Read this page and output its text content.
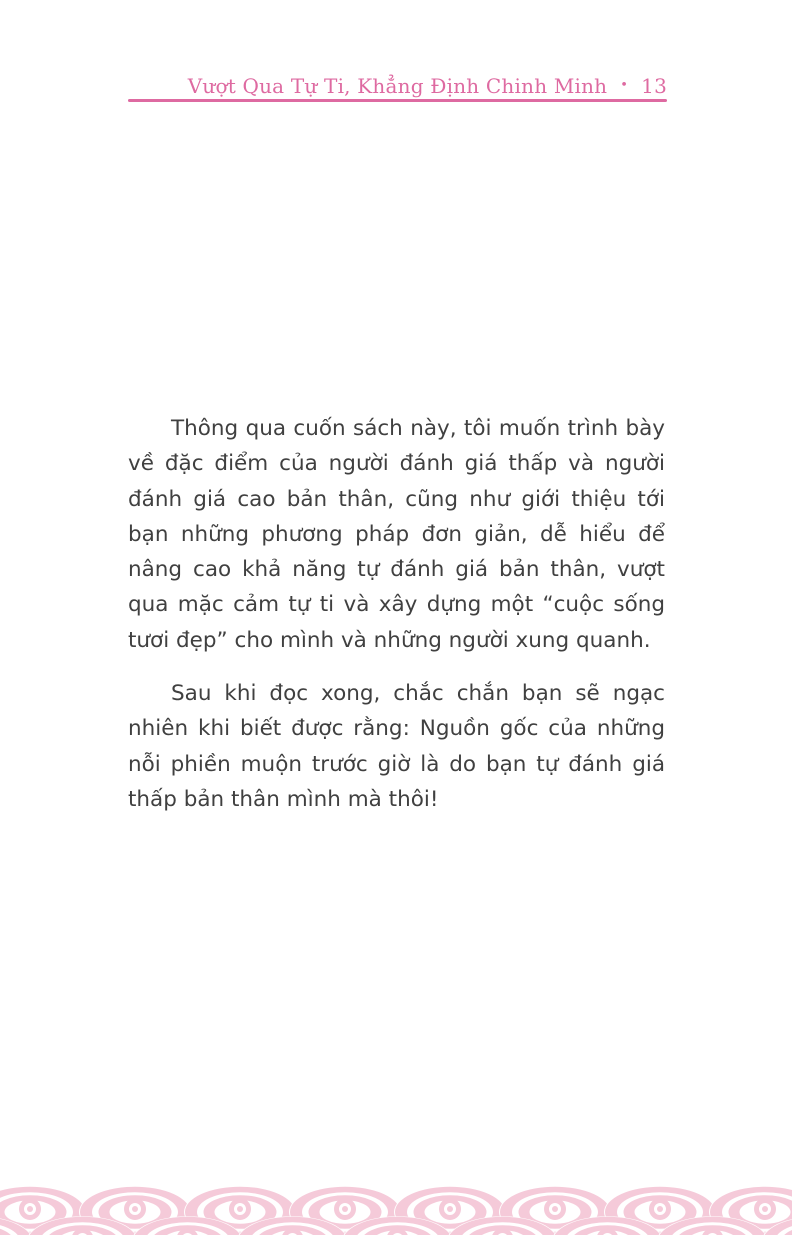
Vượt Qua Tự Ti, Khẳng Định Chinh Minh • 13

Thông qua cuốn sách này, tôi muốn trình bày về đặc điểm của người đánh giá thấp và người đánh giá cao bản thân, cũng như giới thiệu tới bạn những phương pháp đơn giản, dễ hiểu để nâng cao khả năng tự đánh giá bản thân, vượt qua mặc cảm tự ti và xây dựng một “cuộc sống tươi đẹp” cho mình và những người xung quanh.

Sau khi đọc xong, chắc chắn bạn sẽ ngạc nhiên khi biết được rằng: Nguồn gốc của những nỗi phiền muộn trước giờ là do bạn tự đánh giá thấp bản thân mình mà thôi!
